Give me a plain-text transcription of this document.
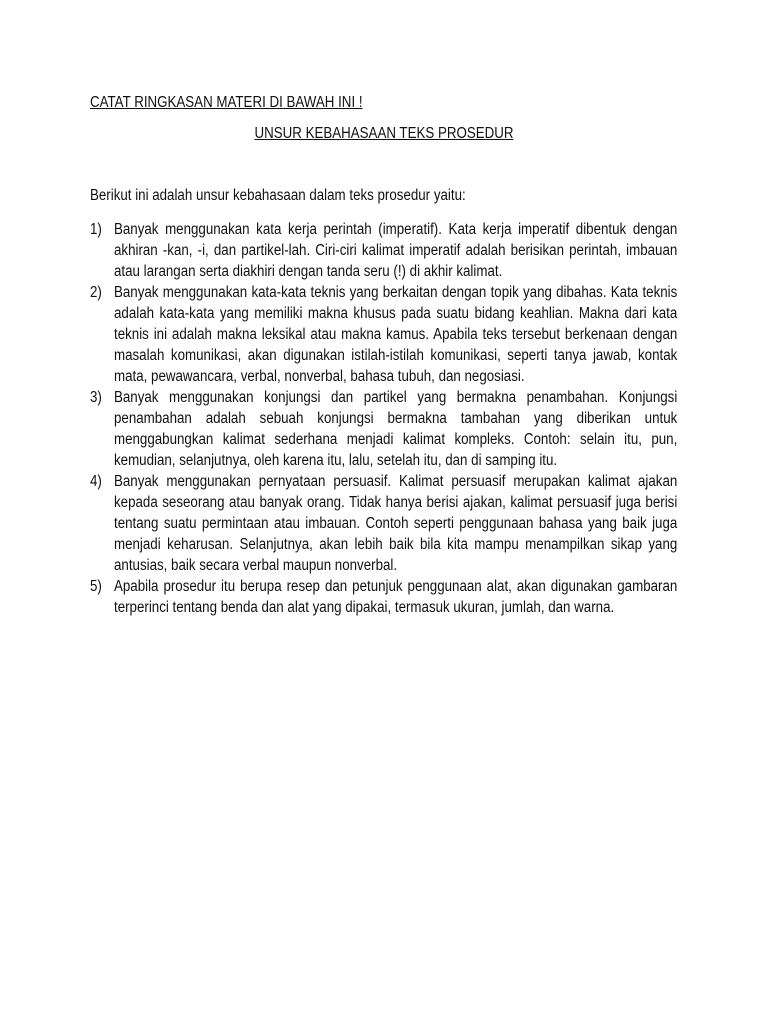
CATAT RINGKASAN MATERI DI BAWAH INI !

UNSUR KEBAHASAAN TEKS PROSEDUR

Berikut ini adalah unsur kebahasaan dalam teks prosedur yaitu:

1) Banyak menggunakan kata kerja perintah (imperatif). Kata kerja imperatif dibentuk dengan akhiran -kan, -i, dan partikel-lah. Ciri-ciri kalimat imperatif adalah berisikan perintah, imbauan atau larangan serta diakhiri dengan tanda seru (!) di akhir kalimat.
2) Banyak menggunakan kata-kata teknis yang berkaitan dengan topik yang dibahas. Kata teknis adalah kata-kata yang memiliki makna khusus pada suatu bidang keahlian. Makna dari kata teknis ini adalah makna leksikal atau makna kamus. Apabila teks tersebut berkenaan dengan masalah komunikasi, akan digunakan istilah-istilah komunikasi, seperti tanya jawab, kontak mata, pewawancara, verbal, nonverbal, bahasa tubuh, dan negosiasi.
3) Banyak menggunakan konjungsi dan partikel yang bermakna penambahan. Konjungsi penambahan adalah sebuah konjungsi bermakna tambahan yang diberikan untuk menggabungkan kalimat sederhana menjadi kalimat kompleks. Contoh: selain itu, pun, kemudian, selanjutnya, oleh karena itu, lalu, setelah itu, dan di samping itu.
4) Banyak menggunakan pernyataan persuasif. Kalimat persuasif merupakan kalimat ajakan kepada seseorang atau banyak orang. Tidak hanya berisi ajakan, kalimat persuasif juga berisi tentang suatu permintaan atau imbauan. Contoh seperti penggunaan bahasa yang baik juga menjadi keharusan. Selanjutnya, akan lebih baik bila kita mampu menampilkan sikap yang antusias, baik secara verbal maupun nonverbal.
5) Apabila prosedur itu berupa resep dan petunjuk penggunaan alat, akan digunakan gambaran terperinci tentang benda dan alat yang dipakai, termasuk ukuran, jumlah, dan warna.
